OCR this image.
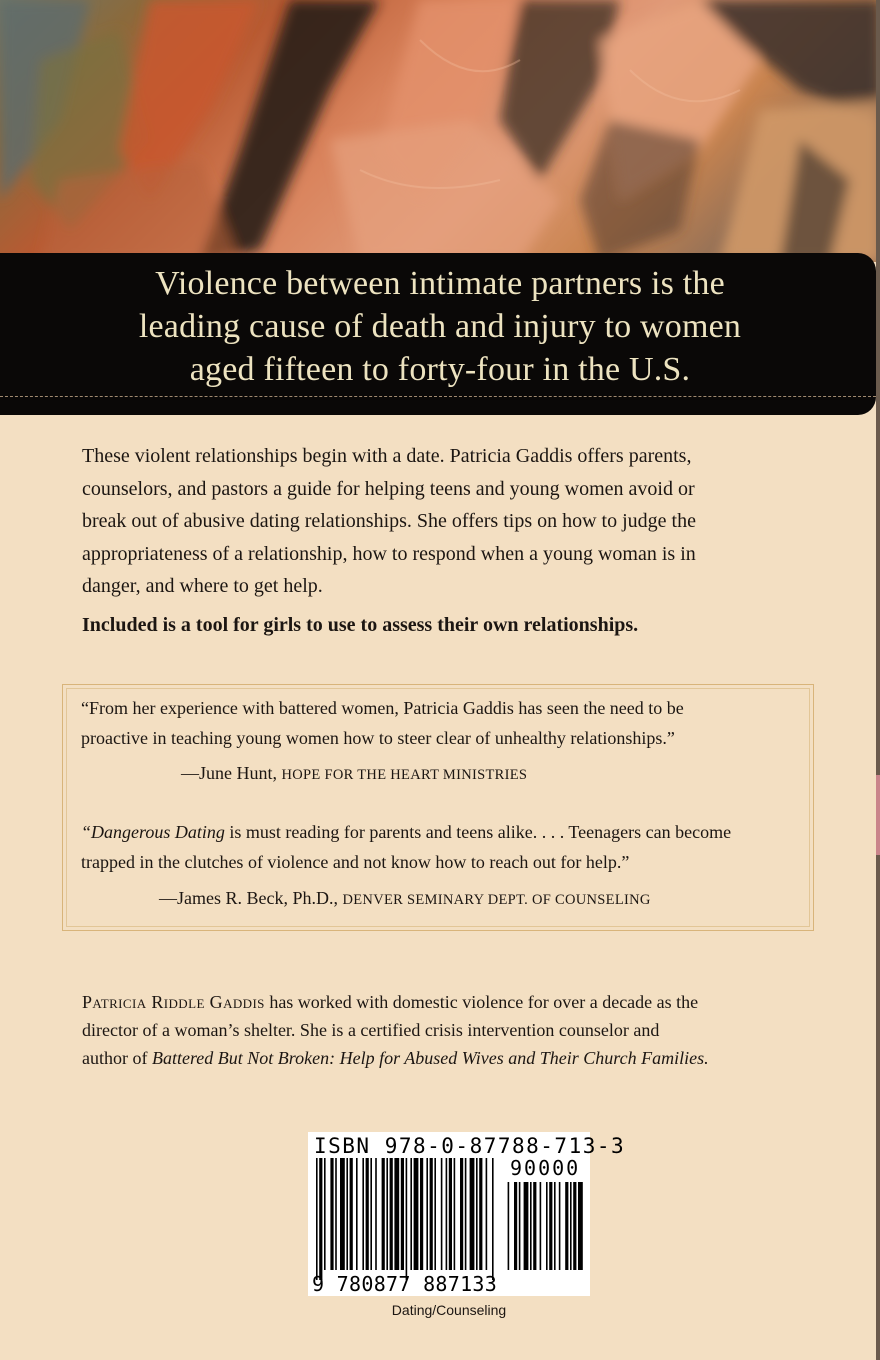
Violence between intimate partners is the
leading cause of death and injury to women
aged fifteen to forty-four in the U.S.
These violent relationships begin with a date. Patricia Gaddis offers parents,
counselors, and pastors a guide for helping teens and young women avoid or
break out of abusive dating relationships. She offers tips on how to judge the
appropriateness of a relationship, how to respond when a young woman is in
danger, and where to get help.
Included is a tool for girls to use to assess their own relationships.
“From her experience with battered women, Patricia Gaddis has seen the need to be
proactive in teaching young women how to steer clear of unhealthy relationships.”
—June Hunt, HOPE FOR THE HEART MINISTRIES
“Dangerous Dating is must reading for parents and teens alike. . . . Teenagers can become
trapped in the clutches of violence and not know how to reach out for help.”
—James R. Beck, Ph.D., DENVER SEMINARY DEPT. OF COUNSELING
Patricia Riddle Gaddis has worked with domestic violence for over a decade as the
director of a woman’s shelter. She is a certified crisis intervention counselor and
author of Battered But Not Broken: Help for Abused Wives and Their Church Families.
ISBN 978-0-87788-713-3
90000
9 780877 887133
Dating/Counseling
